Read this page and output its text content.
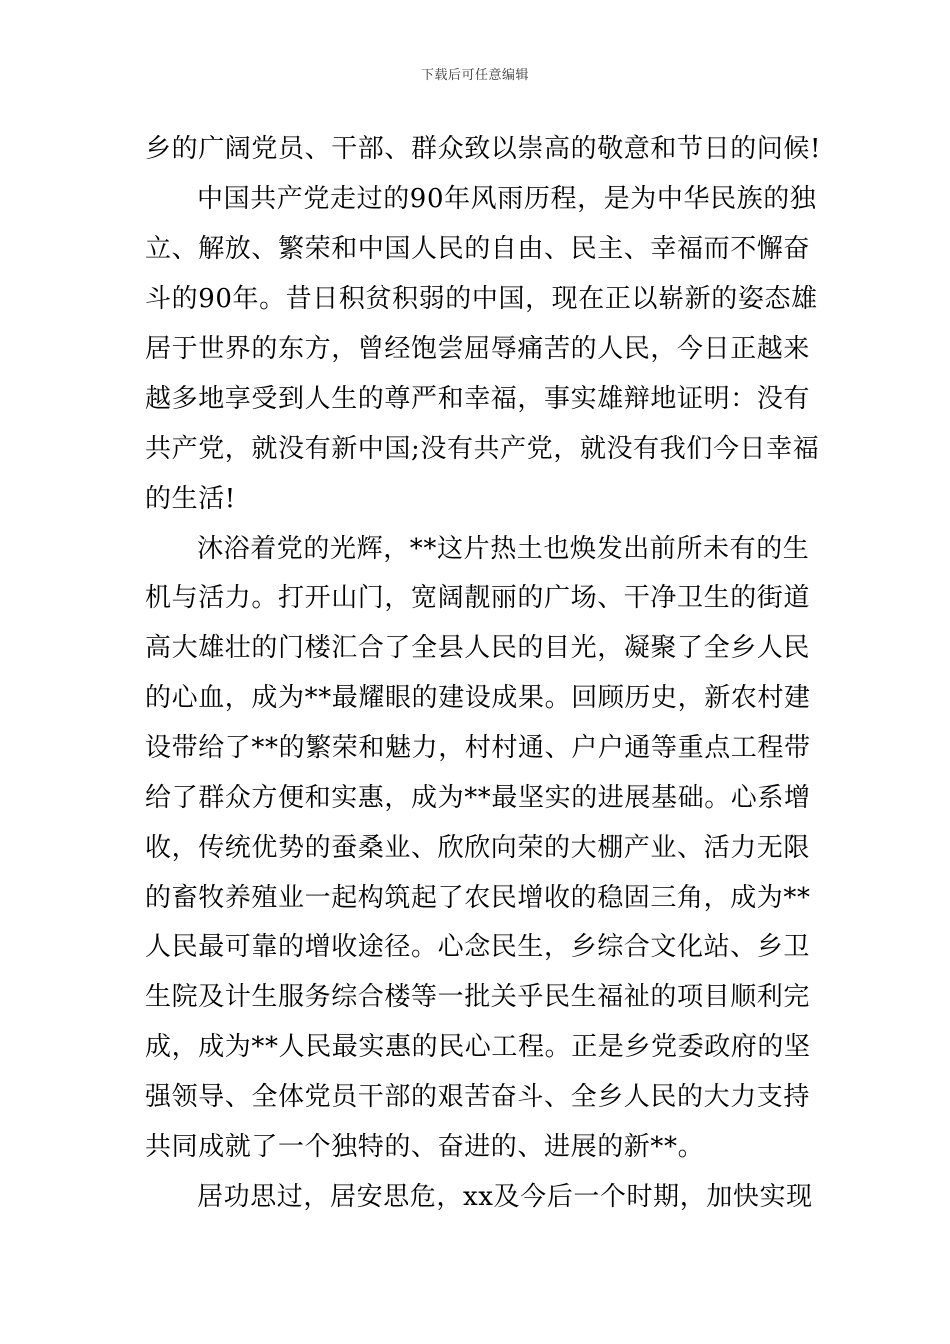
下载后可任意编辑
乡的广阔党员、干部、群众致以崇高的敬意和节日的问候!
中国共产党走过的90年风雨历程，是为中华民族的独
立、解放、繁荣和中国人民的自由、民主、幸福而不懈奋
斗的90年。昔日积贫积弱的中国，现在正以崭新的姿态雄
居于世界的东方，曾经饱尝屈辱痛苦的人民，今日正越来
越多地享受到人生的尊严和幸福，事实雄辩地证明：没有
共产党，就没有新中国;没有共产党，就没有我们今日幸福
的生活!
沐浴着党的光辉，**这片热土也焕发出前所未有的生
机与活力。打开山门，宽阔靓丽的广场、干净卫生的街道
高大雄壮的门楼汇合了全县人民的目光，凝聚了全乡人民
的心血，成为**最耀眼的建设成果。回顾历史，新农村建
设带给了**的繁荣和魅力，村村通、户户通等重点工程带
给了群众方便和实惠，成为**最坚实的进展基础。心系增
收，传统优势的蚕桑业、欣欣向荣的大棚产业、活力无限
的畜牧养殖业一起构筑起了农民增收的稳固三角，成为**
人民最可靠的增收途径。心念民生，乡综合文化站、乡卫
生院及计生服务综合楼等一批关乎民生福祉的项目顺利完
成，成为**人民最实惠的民心工程。正是乡党委政府的坚
强领导、全体党员干部的艰苦奋斗、全乡人民的大力支持
共同成就了一个独特的、奋进的、进展的新**。
居功思过，居安思危，xx及今后一个时期，加快实现
